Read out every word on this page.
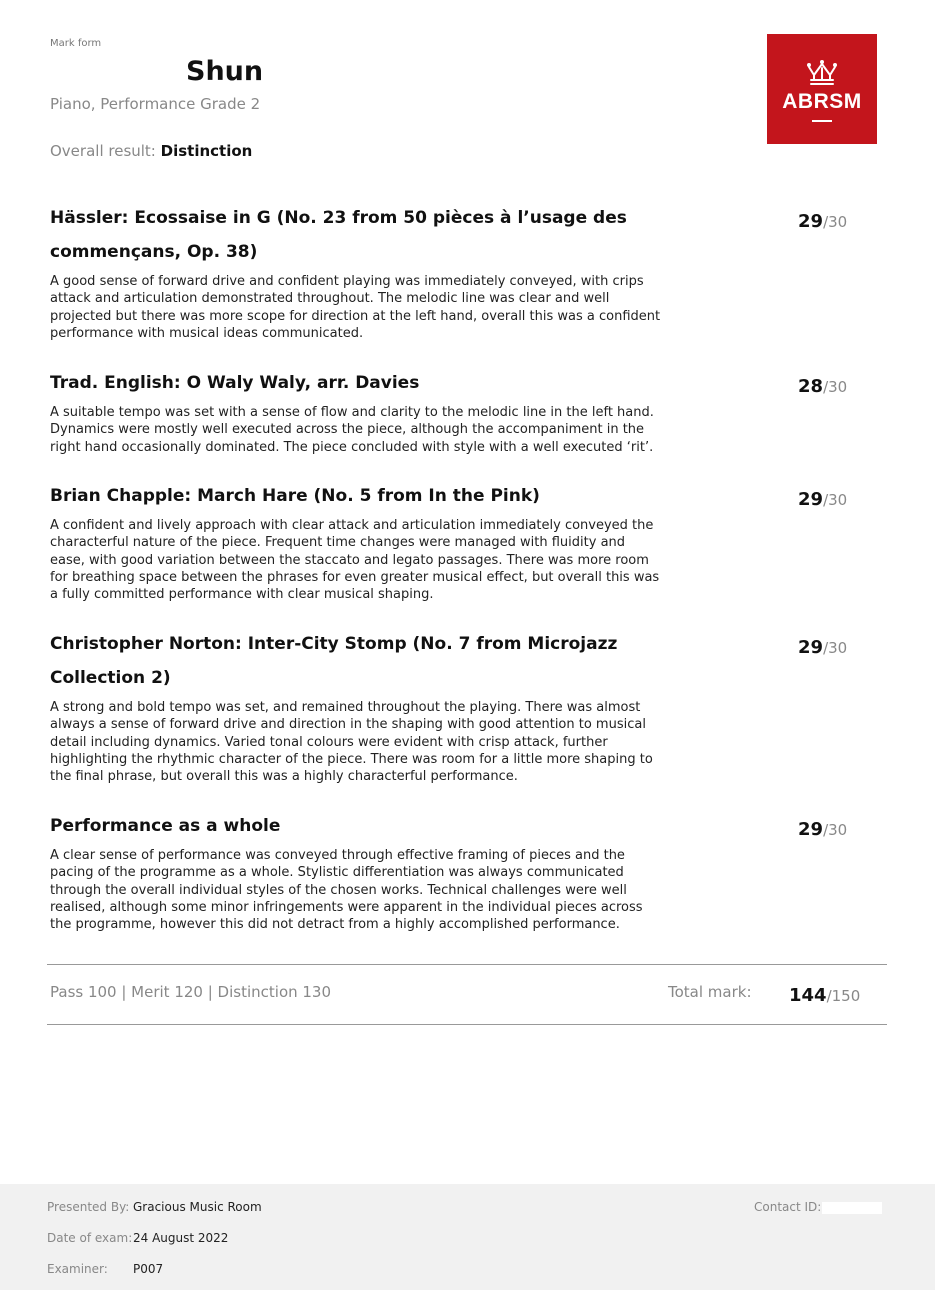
Mark form
Shun
Piano, Performance Grade 2
Overall result: Distinction
ABRSM
Hässler: Ecossaise in G (No. 23 from 50 pièces à l’usage des commençans, Op. 38)
A good sense of forward drive and confident playing was immediately conveyed, with crips attack and articulation demonstrated throughout. The melodic line was clear and well projected but there was more scope for direction at the left hand, overall this was a confident performance with musical ideas communicated.
29/30
Trad. English: O Waly Waly, arr. Davies
A suitable tempo was set with a sense of flow and clarity to the melodic line in the left hand. Dynamics were mostly well executed across the piece, although the accompaniment in the right hand occasionally dominated. The piece concluded with style with a well executed ‘rit’.
28/30
Brian Chapple: March Hare (No. 5 from In the Pink)
A confident and lively approach with clear attack and articulation immediately conveyed the characterful nature of the piece. Frequent time changes were managed with fluidity and ease, with good variation between the staccato and legato passages. There was more room for breathing space between the phrases for even greater musical effect, but overall this was a fully committed performance with clear musical shaping.
29/30
Christopher Norton: Inter-City Stomp (No. 7 from Microjazz Collection 2)
A strong and bold tempo was set, and remained throughout the playing. There was almost always a sense of forward drive and direction in the shaping with good attention to musical detail including dynamics. Varied tonal colours were evident with crisp attack, further highlighting the rhythmic character of the piece. There was room for a little more shaping to the final phrase, but overall this was a highly characterful performance.
29/30
Performance as a whole
A clear sense of performance was conveyed through effective framing of pieces and the pacing of the programme as a whole. Stylistic differentiation was always communicated through the overall individual styles of the chosen works. Technical challenges were well realised, although some minor infringements were apparent in the individual pieces across the programme, however this did not detract from a highly accomplished performance.
29/30
Pass 100 | Merit 120 | Distinction 130	Total mark: 144/150
Presented By: Gracious Music Room
Date of exam: 24 August 2022
Examiner: P007
Contact ID:
